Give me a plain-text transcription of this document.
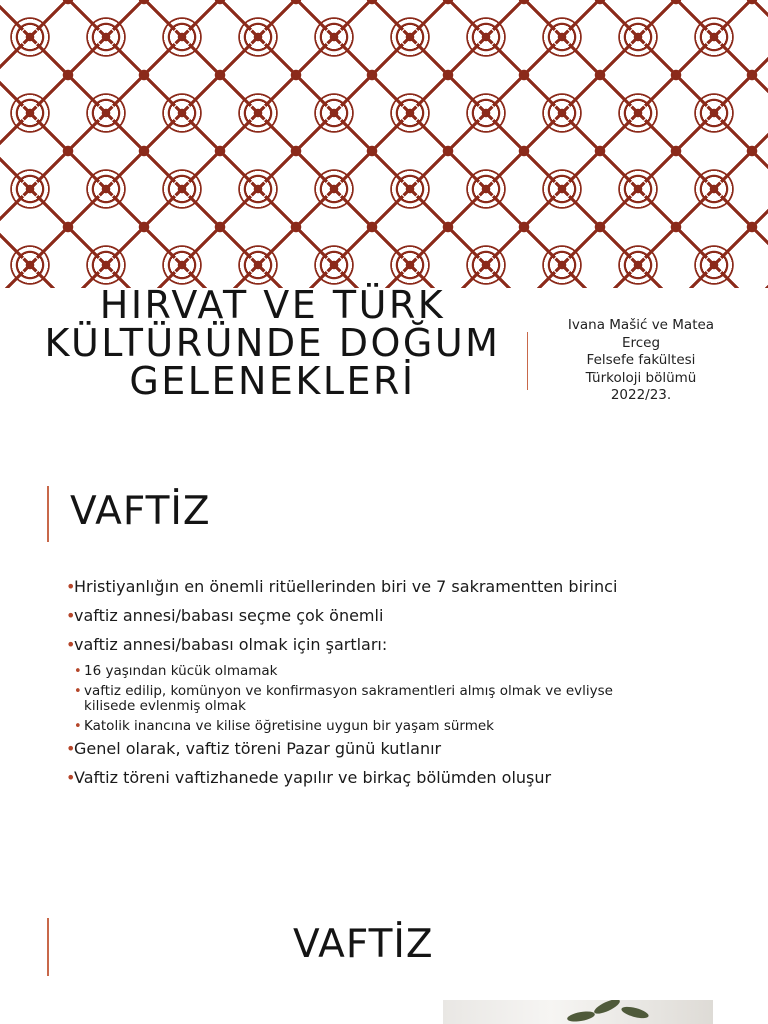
HIRVAT VE TÜRK
KÜLTÜRÜNDE DOĞUM
GELENEKLERİ
Ivana Mašić ve Matea
Erceg
Felsefe fakültesi
Türkoloji bölümü
2022/23.
VAFTİZ
•
Hristiyanlığın en önemli ritüellerinden biri ve 7 sakramentten birinci
•
vaftiz annesi/babası seçme çok önemli
•
vaftiz annesi/babası olmak için şartları:
• 16 yaşından kücük olmamak
• vaftiz edilip, komünyon ve konfirmasyon sakramentleri almış olmak ve evliyse kilisede evlenmiş olmak
• Katolik inancına ve kilise öğretisine uygun bir yaşam sürmek
•
Genel olarak, vaftiz töreni Pazar günü kutlanır
•
Vaftiz töreni vaftizhanede yapılır ve birkaç bölümden oluşur
VAFTİZ
